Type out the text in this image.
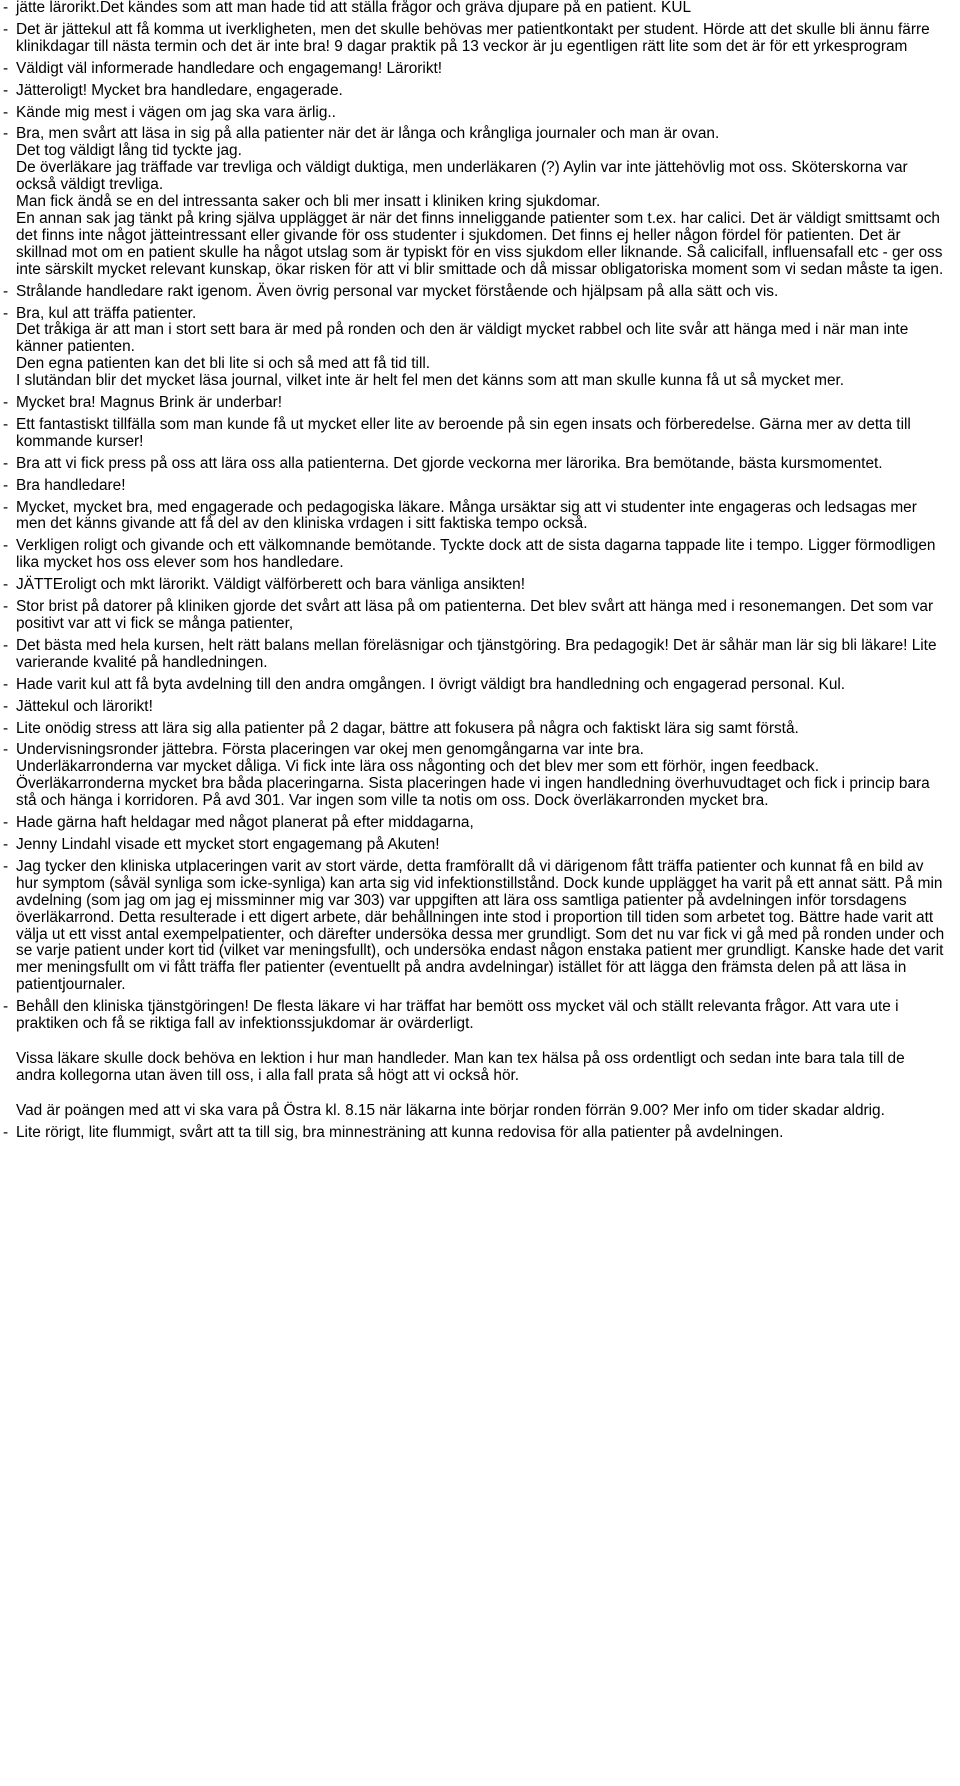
- jätte lärorikt.Det kändes som att man hade tid att ställa frågor och gräva djupare på en patient. KUL

- Det är jättekul att få komma ut iverkligheten, men det skulle behövas mer patientkontakt per student. Hörde att det skulle bli ännu färre klinikdagar till nästa termin och det är inte bra! 9 dagar praktik på 13 veckor är ju egentligen rätt lite som det är för ett yrkesprogram

- Väldigt väl informerade handledare och engagemang! Lärorikt!

- Jätteroligt! Mycket bra handledare, engagerade.

- Kände mig mest i vägen om jag ska vara ärlig..

- Bra, men svårt att läsa in sig på alla patienter när det är långa och krångliga journaler och man är ovan.

Det tog väldigt lång tid tyckte jag.

De överläkare jag träffade var trevliga och väldigt duktiga, men underläkaren (?) Aylin var inte jättehövlig mot oss. Sköterskorna var också väldigt trevliga.

Man fick ändå se en del intressanta saker och bli mer insatt i kliniken kring sjukdomar.

En annan sak jag tänkt på kring själva upplägget är när det finns inneliggande patienter som t.ex. har calici. Det är väldigt smittsamt och det finns inte något jätteintressant eller givande för oss studenter i sjukdomen. Det finns ej heller någon fördel för patienten. Det är skillnad mot om en patient skulle ha något utslag som är typiskt för en viss sjukdom eller liknande. Så calicifall, influensafall etc - ger oss inte särskilt mycket relevant kunskap, ökar risken för att vi blir smittade och då missar obligatoriska moment som vi sedan måste ta igen.

- Strålande handledare rakt igenom. Även övrig personal var mycket förstående och hjälpsam på alla sätt och vis.

- Bra, kul att träffa patienter.

Det tråkiga är att man i stort sett bara är med på ronden och den är väldigt mycket rabbel och lite svår att hänga med i när man inte känner patienten.

Den egna patienten kan det bli lite si och så med att få tid till.

I slutändan blir det mycket läsa journal, vilket inte är helt fel men det känns som att man skulle kunna få ut så mycket mer.

- Mycket bra! Magnus Brink är underbar!

- Ett fantastiskt tillfälla som man kunde få ut mycket eller lite av beroende på sin egen insats och förberedelse. Gärna mer av detta till kommande kurser!

- Bra att vi fick press på oss att lära oss alla patienterna. Det gjorde veckorna mer lärorika. Bra bemötande, bästa kursmomentet.

- Bra handledare!

- Mycket, mycket bra, med engagerade och pedagogiska läkare. Många ursäktar sig att vi studenter inte engageras och ledsagas mer men det känns givande att få del av den kliniska vrdagen i sitt faktiska tempo också.

- Verkligen roligt och givande och ett välkomnande bemötande. Tyckte dock att de sista dagarna tappade lite i tempo. Ligger förmodligen lika mycket hos oss elever som hos handledare.

- JÄTTEroligt och mkt lärorikt. Väldigt välförberett och bara vänliga ansikten!

- Stor brist på datorer på kliniken gjorde det svårt att läsa på om patienterna. Det blev svårt att hänga med i resonemangen. Det som var positivt var att vi fick se många patienter,

- Det bästa med hela kursen, helt rätt balans mellan föreläsnigar och tjänstgöring. Bra pedagogik! Det är såhär man lär sig bli läkare! Lite varierande kvalité på handledningen.

- Hade varit kul att få byta avdelning till den andra omgången. I övrigt väldigt bra handledning och engagerad personal. Kul.

- Jättekul och lärorikt!

- Lite onödig stress att lära sig alla patienter på 2 dagar, bättre att fokusera på några och faktiskt lära sig samt förstå.

- Undervisningsronder jättebra. Första placeringen var okej men genomgångarna var inte bra.

Underläkarronderna var mycket dåliga. Vi fick inte lära oss någonting och det blev mer som ett förhör, ingen feedback. Överläkarronderna mycket bra båda placeringarna. Sista placeringen hade vi ingen handledning överhuvudtaget och fick i princip bara stå och hänga i korridoren. På avd 301. Var ingen som ville ta notis om oss. Dock överläkarronden mycket bra.

- Hade gärna haft heldagar med något planerat på efter middagarna,

- Jenny Lindahl visade ett mycket stort engagemang på Akuten!

- Jag tycker den kliniska utplaceringen varit av stort värde, detta framförallt då vi därigenom fått träffa patienter och kunnat få en bild av hur symptom (såväl synliga som icke-synliga) kan arta sig vid infektionstillstånd. Dock kunde upplägget ha varit på ett annat sätt. På min avdelning (som jag om jag ej missminner mig var 303) var uppgiften att lära oss samtliga patienter på avdelningen inför torsdagens överläkarrond. Detta resulterade i ett digert arbete, där behållningen inte stod i proportion till tiden som arbetet tog. Bättre hade varit att välja ut ett visst antal exempelpatienter, och därefter undersöka dessa mer grundligt. Som det nu var fick vi gå med på ronden under och se varje patient under kort tid (vilket var meningsfullt), och undersöka endast någon enstaka patient mer grundligt. Kanske hade det varit mer meningsfullt om vi fått träffa fler patienter (eventuellt på andra avdelningar) istället för att lägga den främsta delen på att läsa in patientjournaler.

- Behåll den kliniska tjänstgöringen! De flesta läkare vi har träffat har bemött oss mycket väl och ställt relevanta frågor. Att vara ute i praktiken och få se riktiga fall av infektionssjukdomar är ovärderligt.

Vissa läkare skulle dock behöva en lektion i hur man handleder. Man kan tex hälsa på oss ordentligt och sedan inte bara tala till de andra kollegorna utan även till oss, i alla fall prata så högt att vi också hör.

Vad är poängen med att vi ska vara på Östra kl. 8.15 när läkarna inte börjar ronden förrän 9.00? Mer info om tider skadar aldrig.

- Lite rörigt, lite flummigt, svårt att ta till sig, bra minnesträning att kunna redovisa för alla patienter på avdelningen.
